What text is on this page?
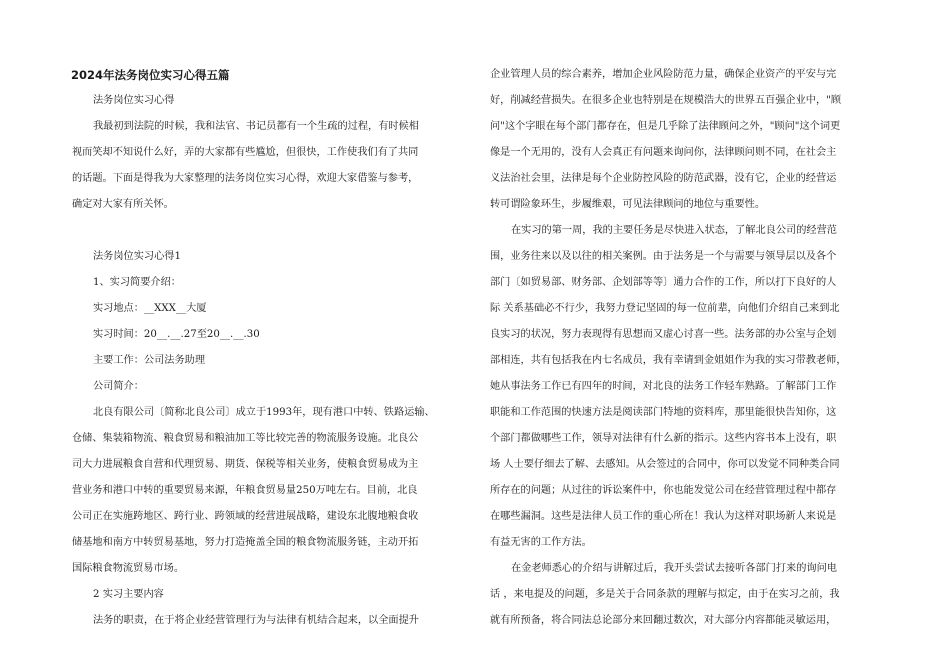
2024年法务岗位实习心得五篇
法务岗位实习心得
我最初到法院的时候，我和法官、书记员都有一个生疏的过程，有时候相
视而笑却不知说什么好，弄的大家都有些尴尬，但很快，工作使我们有了共同
的话题。下面是得我为大家整理的法务岗位实习心得，欢迎大家借鉴与参考，
确定对大家有所关怀。
法务岗位实习心得1
1、实习简要介绍：
实习地点：__XXX__大厦
实习时间：20__.__.27至20__.__.30
主要工作：公司法务助理
公司简介：
北良有限公司〔简称北良公司〕成立于1993年，现有港口中转、铁路运输、
仓储、集装箱物流、粮食贸易和粮油加工等比较完善的物流服务设施。北良公
司大力进展粮食自营和代理贸易、期货、保税等相关业务，使粮食贸易成为主
营业务和港口中转的重要贸易来源，年粮食贸易量250万吨左右。目前，北良
公司正在实施跨地区、跨行业、跨领域的经营进展战略，建设东北腹地粮食收
储基地和南方中转贸易基地，努力打造掩盖全国的粮食物流服务链，主动开拓
国际粮食物流贸易市场。
2 实习主要内容
法务的职责，在于将企业经营管理行为与法律有机结合起来，以全面提升
企业管理人员的综合素养，增加企业风险防范力量，确保企业资产的平安与完
好，削减经营损失。在很多企业也特别是在规模浩大的世界五百强企业中，"顾
问"这个字眼在每个部门都存在，但是几乎除了法律顾问之外，"顾问"这个词更
像是一个无用的，没有人会真正有问题来询问你，法律顾问则不同，在社会主
义法治社会里，法律是每个企业防控风险的防范武器，没有它，企业的经营运
转可谓险象环生，步履维艰，可见法律顾问的地位与重要性。
在实习的第一周，我的主要任务是尽快进入状态，了解北良公司的经营范
围，业务往来以及以往的相关案例。由于法务是一个与需要与领导层以及各个
部门〔如贸易部、财务部、企划部等等〕通力合作的工作，所以打下良好的人
际 关系基础必不行少，我努力登记坚固的每一位前辈，向他们介绍自己来到北
良实习的状况，努力表现得有思想而又虚心讨喜一些。法务部的办公室与企划
部相连，共有包括我在内七名成员，我有幸请到金姐姐作为我的实习带教老师，
她从事法务工作已有四年的时间，对北良的法务工作轻车熟路。了解部门工作
职能和工作范围的快速方法是阅读部门特地的资料库，那里能很快告知你，这
个部门都做哪些工作，领导对法律有什么新的指示。这些内容书本上没有，职
场 人士要仔细去了解、去感知。从会签过的合同中，你可以发觉不同种类合同
所存在的问题；从过往的诉讼案件中，你也能发觉公司在经营管理过程中都存
在哪些漏洞。这些是法律人员工作的重心所在！我认为这样对职场新人来说是
有益无害的工作方法。
在金老师悉心的介绍与讲解过后，我开头尝试去接听各部门打来的询问电
话 ，来电提及的问题，多是关于合同条款的理解与拟定，由于在实习之前，我
就有所预备，将合同法总论部分来回翻过数次，对大部分内容都能灵敏运用，
